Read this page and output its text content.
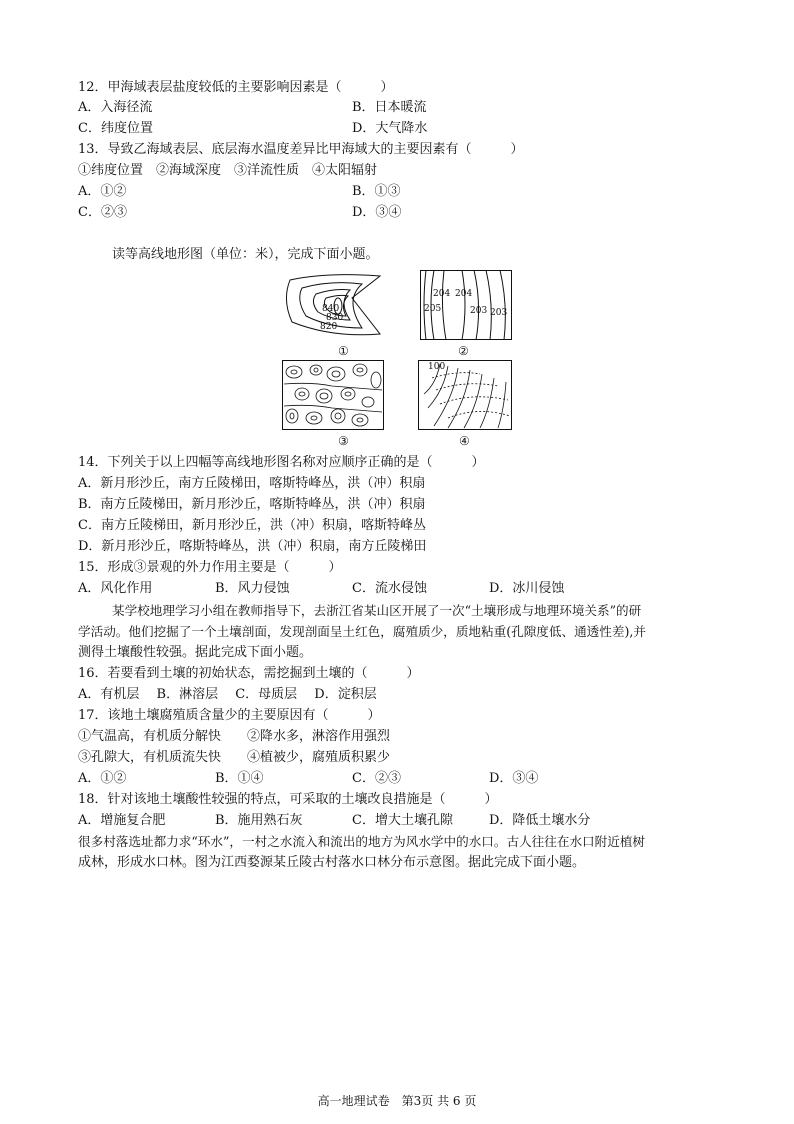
12．甲海域表层盐度较低的主要影响因素是（　　　）
A．入海径流	B．日本暖流
C．纬度位置	D．大气降水
13．导致乙海域表层、底层海水温度差异比甲海域大的主要因素有（　　　）
①纬度位置　②海域深度　③洋流性质　④太阳辐射
A．①②	B．①③
C．②③	D．③④
读等高线地形图（单位：米），完成下面小题。
840
830
820
①
204 204
205	203 203
②
③
100
④
14．下列关于以上四幅等高线地形图名称对应顺序正确的是（　　　）
A．新月形沙丘，南方丘陵梯田，喀斯特峰丛，洪（冲）积扇
B．南方丘陵梯田，新月形沙丘，喀斯特峰丛，洪（冲）积扇
C．南方丘陵梯田，新月形沙丘，洪（冲）积扇，喀斯特峰丛
D．新月形沙丘，喀斯特峰丛，洪（冲）积扇，南方丘陵梯田
15．形成③景观的外力作用主要是（　　　）
A．风化作用	B．风力侵蚀	C．流水侵蚀	D．冰川侵蚀
某学校地理学习小组在教师指导下，去浙江省某山区开展了一次“土壤形成与地理环境关系”的研
学活动。他们挖掘了一个土壤剖面，发现剖面呈土红色，腐殖质少，质地粘重(孔隙度低、通透性差),并
测得土壤酸性较强。据此完成下面小题。
16．若要看到土壤的初始状态，需挖掘到土壤的（　　　）
A．有机层　 B．淋溶层　 C．母质层　 D．淀积层
17．该地土壤腐殖质含量少的主要原因有（　　　）
①气温高，有机质分解快　　②降水多，淋溶作用强烈
③孔隙大，有机质流失快　　④植被少，腐殖质积累少
A．①②	B．①④	C．②③	D．③④
18．针对该地土壤酸性较强的特点，可采取的土壤改良措施是（　　　）
A．增施复合肥	B．施用熟石灰	C．增大土壤孔隙	D．降低土壤水分
很多村落选址都力求“环水”，一村之水流入和流出的地方为风水学中的水口。古人往往在水口附近植树
成林，形成水口林。图为江西婺源某丘陵古村落水口林分布示意图。据此完成下面小题。
高一地理试卷　第3页 共 6 页
